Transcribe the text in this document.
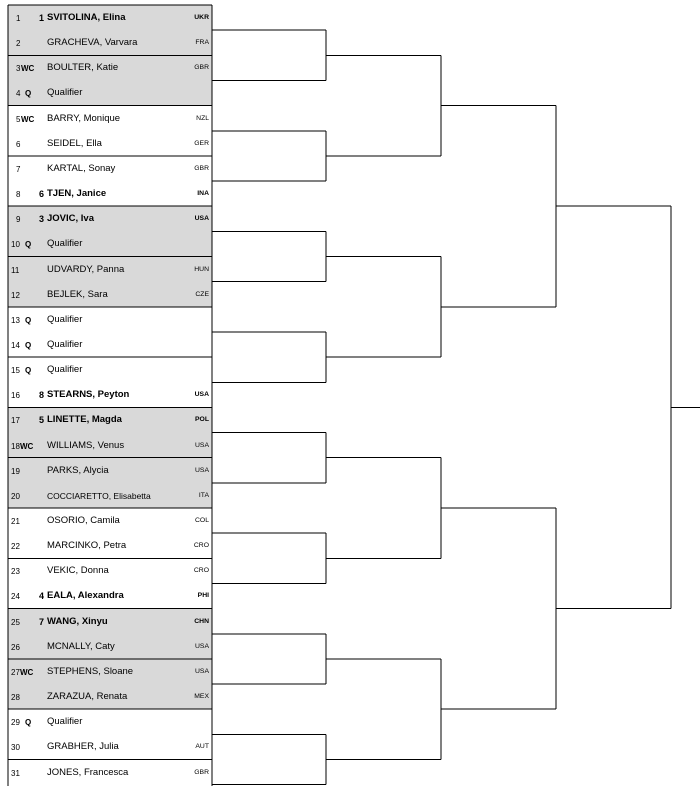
1 1 SVITOLINA, Elina	UKR
2	GRACHEVA, Varvara	FRA
3 WC BOULTER, Katie	GBR
4 Q Qualifier
5 WC BARRY, Monique	NZL
6	SEIDEL, Ella	GER
7	KARTAL, Sonay	GBR
8 6 TJEN, Janice	INA
9 3 JOVIC, Iva	USA
10 Q Qualifier
11	UDVARDY, Panna	HUN
12	BEJLEK, Sara	CZE
13 Q Qualifier
14 Q Qualifier
15 Q Qualifier
16 8 STEARNS, Peyton	USA
17 5 LINETTE, Magda	POL
18 WC WILLIAMS, Venus	USA
19	PARKS, Alycia	USA
20	COCCIARETTO, Elisabetta	ITA
21	OSORIO, Camila	COL
22	MARCINKO, Petra	CRO
23	VEKIC, Donna	CRO
24 4 EALA, Alexandra	PHI
25 7 WANG, Xinyu	CHN
26	MCNALLY, Caty	USA
27 WC STEPHENS, Sloane	USA
28	ZARAZUA, Renata	MEX
29 Q Qualifier
30	GRABHER, Julia	AUT
31	JONES, Francesca	GBR
